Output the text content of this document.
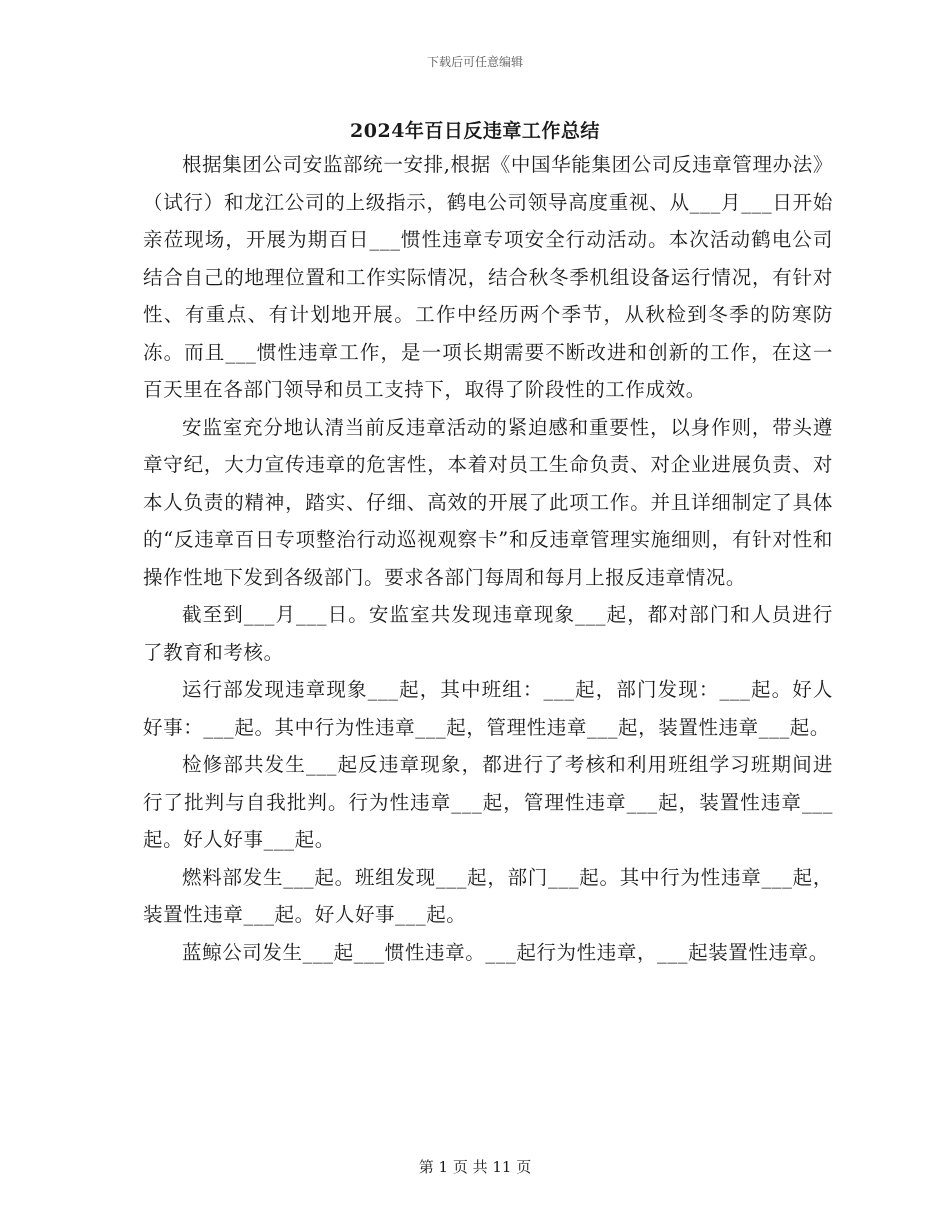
下载后可任意编辑
2024年百日反违章工作总结

根据集团公司安监部统一安排,根据《中国华能集团公司反违章管理办法》（试行）和龙江公司的上级指示，鹤电公司领导高度重视、从___月___日开始亲莅现场，开展为期百日___惯性违章专项安全行动活动。本次活动鹤电公司结合自己的地理位置和工作实际情况，结合秋冬季机组设备运行情况，有针对性、有重点、有计划地开展。工作中经历两个季节，从秋检到冬季的防寒防冻。而且___惯性违章工作，是一项长期需要不断改进和创新的工作，在这一百天里在各部门领导和员工支持下，取得了阶段性的工作成效。

安监室充分地认清当前反违章活动的紧迫感和重要性，以身作则，带头遵章守纪，大力宣传违章的危害性，本着对员工生命负责、对企业进展负责、对本人负责的精神，踏实、仔细、高效的开展了此项工作。并且详细制定了具体的“反违章百日专项整治行动巡视观察卡”和反违章管理实施细则，有针对性和操作性地下发到各级部门。要求各部门每周和每月上报反违章情况。

截至到___月___日。安监室共发现违章现象___起，都对部门和人员进行了教育和考核。

运行部发现违章现象___起，其中班组：___起，部门发现：___起。好人好事：___起。其中行为性违章___起，管理性违章___起，装置性违章___起。

检修部共发生___起反违章现象，都进行了考核和利用班组学习班期间进行了批判与自我批判。行为性违章___起，管理性违章___起，装置性违章___起。好人好事___起。

燃料部发生___起。班组发现___起，部门___起。其中行为性违章___起，装置性违章___起。好人好事___起。

蓝鲸公司发生___起___惯性违章。___起行为性违章，___起装置性违章。

第 1 页 共 11 页
